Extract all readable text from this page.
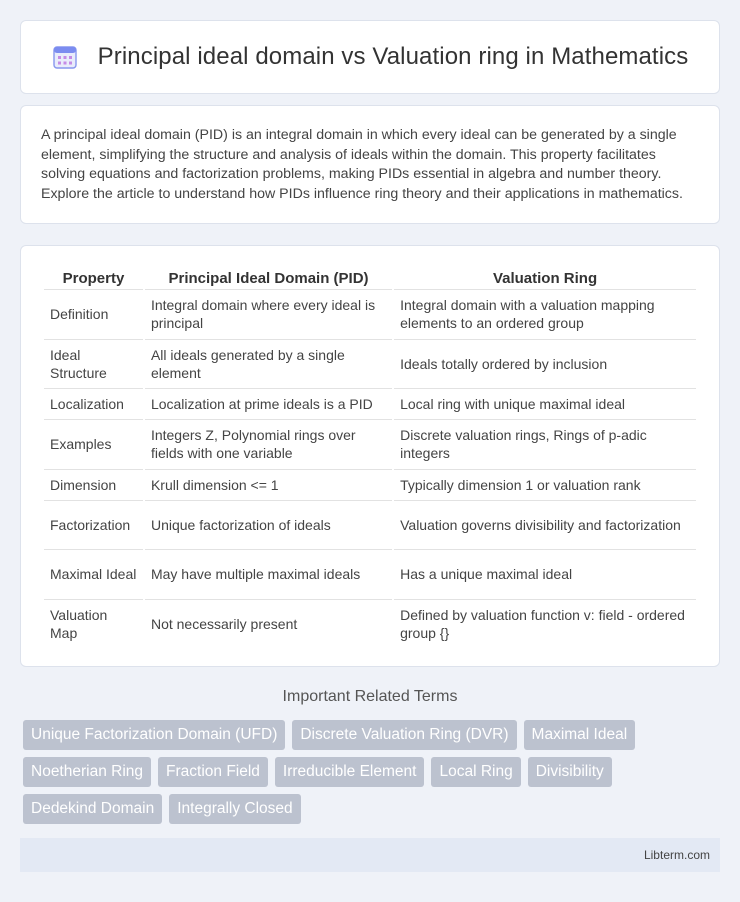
Principal ideal domain vs Valuation ring in Mathematics

A principal ideal domain (PID) is an integral domain in which every ideal can be generated by a single element, simplifying the structure and analysis of ideals within the domain. This property facilitates solving equations and factorization problems, making PIDs essential in algebra and number theory. Explore the article to understand how PIDs influence ring theory and their applications in mathematics.

Property	Principal Ideal Domain (PID)	Valuation Ring
Definition	Integral domain where every ideal is principal	Integral domain with a valuation mapping elements to an ordered group
Ideal Structure	All ideals generated by a single element	Ideals totally ordered by inclusion
Localization	Localization at prime ideals is a PID	Local ring with unique maximal ideal
Examples	Integers Z, Polynomial rings over fields with one variable	Discrete valuation rings, Rings of p-adic integers
Dimension	Krull dimension <= 1	Typically dimension 1 or valuation rank
Factorization	Unique factorization of ideals	Valuation governs divisibility and factorization
Maximal Ideal	May have multiple maximal ideals	Has a unique maximal ideal
Valuation Map	Not necessarily present	Defined by valuation function v: field - ordered group {}
Important Related Terms
Unique Factorization Domain (UFD)	Discrete Valuation Ring (DVR)	Maximal Ideal
Noetherian Ring	Fraction Field	Irreducible Element	Local Ring	Divisibility
Dedekind Domain	Integrally Closed
Libterm.com
